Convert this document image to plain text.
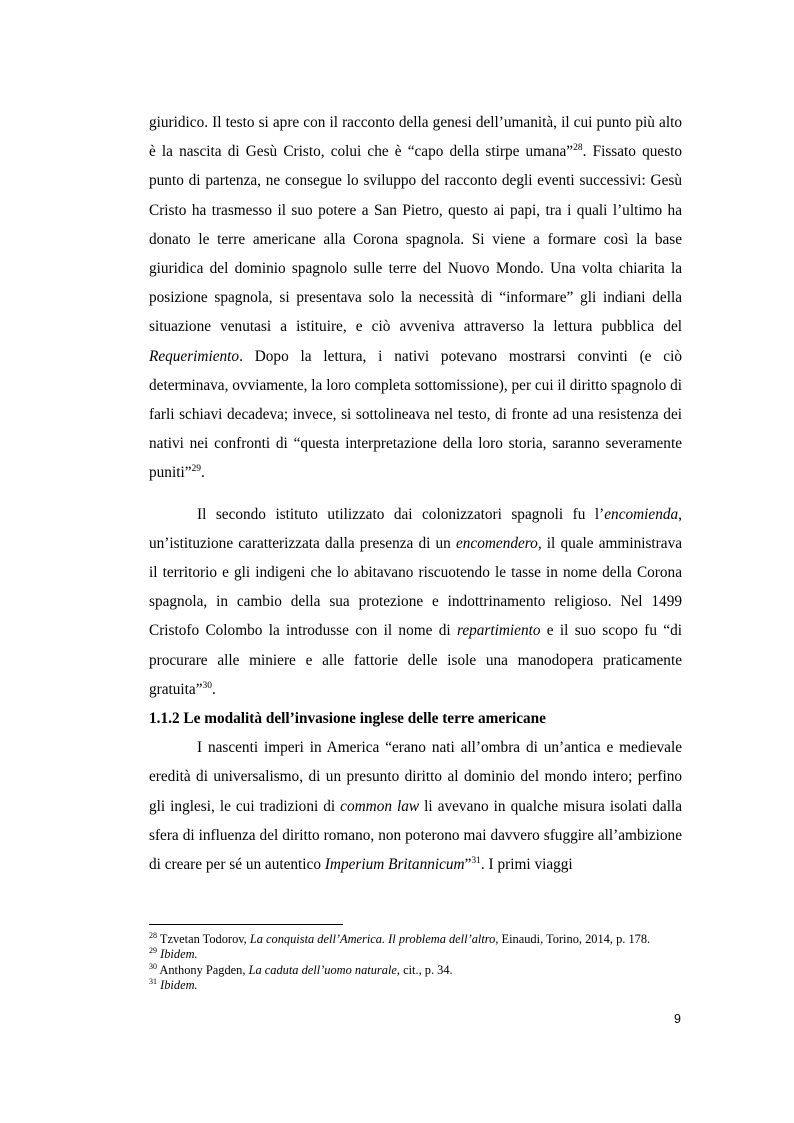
giuridico. Il testo si apre con il racconto della genesi dell’umanità, il cui punto più alto è la nascita di Gesù Cristo, colui che è “capo della stirpe umana”$^{28}$. Fissato questo punto di partenza, ne consegue lo sviluppo del racconto degli eventi successivi: Gesù Cristo ha trasmesso il suo potere a San Pietro, questo ai papi, tra i quali l’ultimo ha donato le terre americane alla Corona spagnola. Si viene a formare così la base giuridica del dominio spagnolo sulle terre del Nuovo Mondo. Una volta chiarita la posizione spagnola, si presentava solo la necessità di “informare” gli indiani della situazione venutasi a istituire, e ciò avveniva attraverso la lettura pubblica del Requerimiento. Dopo la lettura, i nativi potevano mostrarsi convinti (e ciò determinava, ovviamente, la loro completa sottomissione), per cui il diritto spagnolo di farli schiavi decadeva; invece, si sottolineava nel testo, di fronte ad una resistenza dei nativi nei confronti di “questa interpretazione della loro storia, saranno severamente puniti”$^{29}$.

Il secondo istituto utilizzato dai colonizzatori spagnoli fu l’encomienda, un’istituzione caratterizzata dalla presenza di un encomendero, il quale amministrava il territorio e gli indigeni che lo abitavano riscuotendo le tasse in nome della Corona spagnola, in cambio della sua protezione e indottrinamento religioso. Nel 1499 Cristofo Colombo la introdusse con il nome di repartimiento e il suo scopo fu “di procurare alle miniere e alle fattorie delle isole una manodopera praticamente gratuita”$^{30}$.

1.1.2 Le modalità dell’invasione inglese delle terre americane

I nascenti imperi in America “erano nati all’ombra di un’antica e medievale eredità di universalismo, di un presunto diritto al dominio del mondo intero; perfino gli inglesi, le cui tradizioni di common law li avevano in qualche misura isolati dalla sfera di influenza del diritto romano, non poterono mai davvero sfuggire all’ambizione di creare per sé un autentico Imperium Britannicum”$^{31}$. I primi viaggi

$^{28}$ Tzvetan Todorov, La conquista dell’America. Il problema dell’altro, Einaudi, Torino, 2014, p. 178.

$^{29}$ Ibidem.

$^{30}$ Anthony Pagden, La caduta dell’uomo naturale, cit., p. 34.

$^{31}$ Ibidem.

9
